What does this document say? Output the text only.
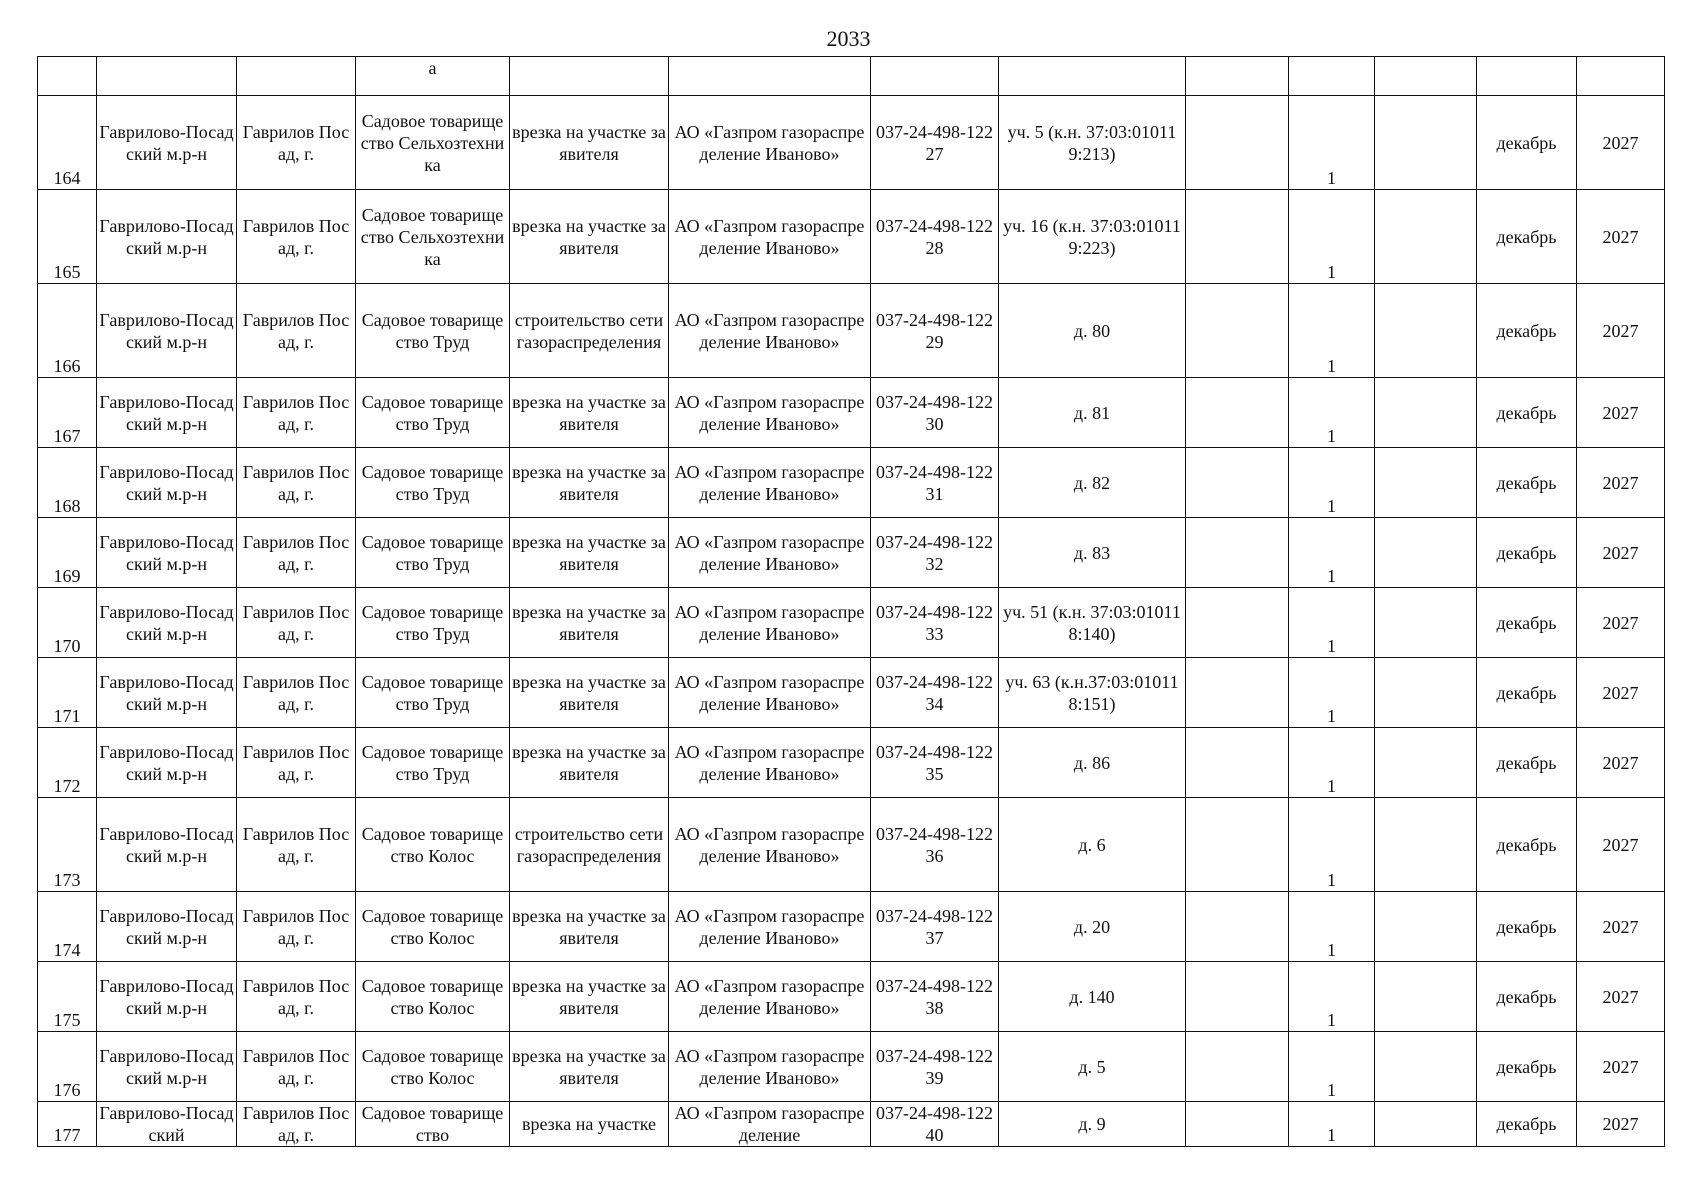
2033
			а									
164	Гаврилово-Посадский м.р-н	Гаврилов Посад, г.	Садовое товарищество Сельхозтехника	врезка на участке заявителя	АО «Газпром газораспределение Иваново»	037-24-498-12227	уч. 5 (к.н. 37:03:010119:213)		1		декабрь	2027
165	Гаврилово-Посадский м.р-н	Гаврилов Посад, г.	Садовое товарищество Сельхозтехника	врезка на участке заявителя	АО «Газпром газораспределение Иваново»	037-24-498-12228	уч. 16 (к.н. 37:03:010119:223)		1		декабрь	2027
166	Гаврилово-Посадский м.р-н	Гаврилов Посад, г.	Садовое товарищество Труд	строительство сети газораспределения	АО «Газпром газораспределение Иваново»	037-24-498-12229	д. 80		1		декабрь	2027
167	Гаврилово-Посадский м.р-н	Гаврилов Посад, г.	Садовое товарищество Труд	врезка на участке заявителя	АО «Газпром газораспределение Иваново»	037-24-498-12230	д. 81		1		декабрь	2027
168	Гаврилово-Посадский м.р-н	Гаврилов Посад, г.	Садовое товарищество Труд	врезка на участке заявителя	АО «Газпром газораспределение Иваново»	037-24-498-12231	д. 82		1		декабрь	2027
169	Гаврилово-Посадский м.р-н	Гаврилов Посад, г.	Садовое товарищество Труд	врезка на участке заявителя	АО «Газпром газораспределение Иваново»	037-24-498-12232	д. 83		1		декабрь	2027
170	Гаврилово-Посадский м.р-н	Гаврилов Посад, г.	Садовое товарищество Труд	врезка на участке заявителя	АО «Газпром газораспределение Иваново»	037-24-498-12233	уч. 51 (к.н. 37:03:010118:140)		1		декабрь	2027
171	Гаврилово-Посадский м.р-н	Гаврилов Посад, г.	Садовое товарищество Труд	врезка на участке заявителя	АО «Газпром газораспределение Иваново»	037-24-498-12234	уч. 63 (к.н.37:03:010118:151)		1		декабрь	2027
172	Гаврилово-Посадский м.р-н	Гаврилов Посад, г.	Садовое товарищество Труд	врезка на участке заявителя	АО «Газпром газораспределение Иваново»	037-24-498-12235	д. 86		1		декабрь	2027
173	Гаврилово-Посадский м.р-н	Гаврилов Посад, г.	Садовое товарищество Колос	строительство сети газораспределения	АО «Газпром газораспределение Иваново»	037-24-498-12236	д. 6		1		декабрь	2027
174	Гаврилово-Посадский м.р-н	Гаврилов Посад, г.	Садовое товарищество Колос	врезка на участке заявителя	АО «Газпром газораспределение Иваново»	037-24-498-12237	д. 20		1		декабрь	2027
175	Гаврилово-Посадский м.р-н	Гаврилов Посад, г.	Садовое товарищество Колос	врезка на участке заявителя	АО «Газпром газораспределение Иваново»	037-24-498-12238	д. 140		1		декабрь	2027
176	Гаврилово-Посадский м.р-н	Гаврилов Посад, г.	Садовое товарищество Колос	врезка на участке заявителя	АО «Газпром газораспределение Иваново»	037-24-498-12239	д. 5		1		декабрь	2027
177	Гаврилово-Посадский	Гаврилов Посад, г.	Садовое товарищество	врезка на участке	АО «Газпром газораспределение	037-24-498-12240	д. 9		1		декабрь	2027
